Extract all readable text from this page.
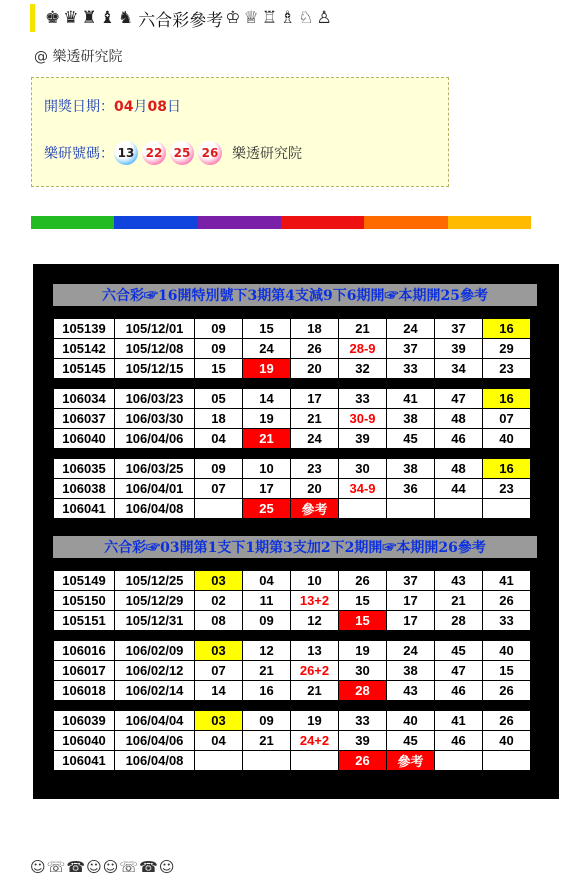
♚ ♛ ♜ ♝ ♞ 六合彩參考 ♔ ♕ ♖ ♗ ♘ ♙
@ 樂透研究院
開獎日期：04月08日
樂研號碼： 13 22 25 26 樂透研究院
六合彩☞16開特別號下3期第4支減9下6期開☞本期開25參考
105139	105/12/01	09	15	18	21	24	37	16
105142	105/12/08	09	24	26	28-9	37	39	29
105145	105/12/15	15	19	20	32	33	34	23
106034	106/03/23	05	14	17	33	41	47	16
106037	106/03/30	18	19	21	30-9	38	48	07
106040	106/04/06	04	21	24	39	45	46	40
106035	106/03/25	09	10	23	30	38	48	16
106038	106/04/01	07	17	20	34-9	36	44	23
106041	106/04/08		25	參考				
六合彩☞03開第1支下1期第3支加2下2期開☞本期開26參考
105149	105/12/25	03	04	10	26	37	43	41
105150	105/12/29	02	11	13+2	15	17	21	26
105151	105/12/31	08	09	12	15	17	28	33
106016	106/02/09	03	12	13	19	24	45	40
106017	106/02/12	07	21	26+2	30	38	47	15
106018	106/02/14	14	16	21	28	43	46	26
106039	106/04/04	03	09	19	33	40	41	26
106040	106/04/06	04	21	24+2	39	45	46	40
106041	106/04/08				26	參考		
☺ ☏ ☎ ☺ ☺ ☏ ☎ ☺
